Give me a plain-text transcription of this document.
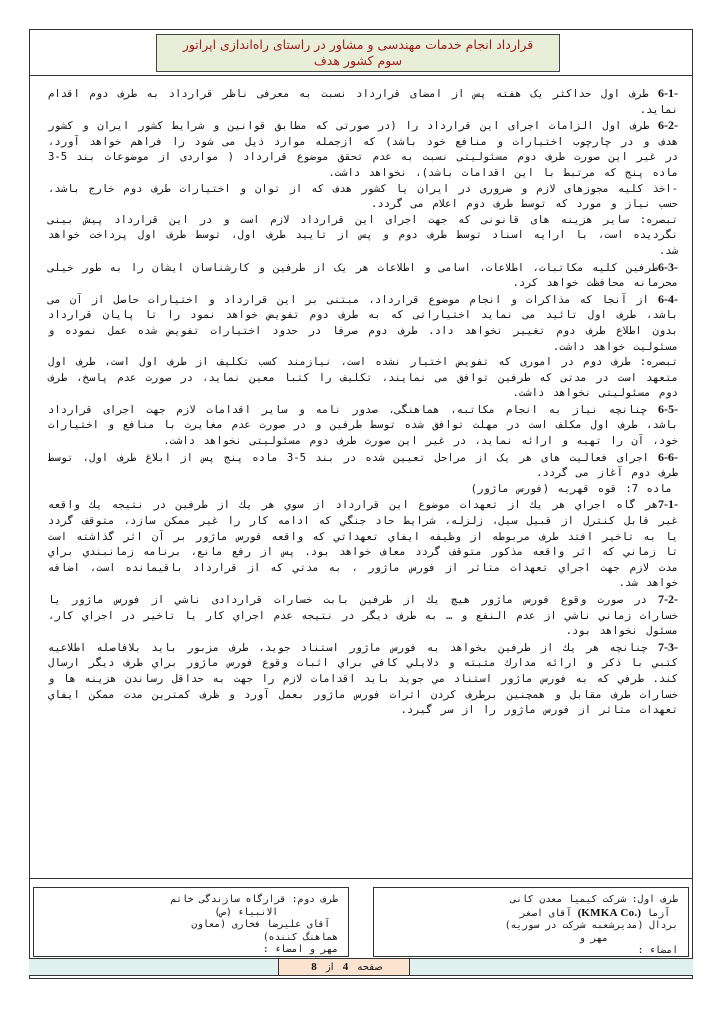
قرارداد انجام خدمات مهندسی و مشاور در راستای راه‌اندازی اپراتور
سوم کشور هدف

6-1- طرف اول حداکثر یک هفته پس از امضای قرارداد نسبت به معرفی ناظر قرارداد به طرف دوم اقدام نماید.

6-2- طرف اول الزامات اجرای این قرارداد را (در صورتی که مطابق قوانین و شرایط کشور ایران و کشور هدف و در چارچوب اختیارات و منافع خود باشد) که ازجمله موارد ذیل می شود را فراهم خواهد آورد، در غیر این صورت طرف دوم مسئولیتی نسبت به عدم تحقق موضوع قرارداد ( مواردی از موضوعات بند 5-3 ماده پنج که مرتبط با این اقدامات باشد)، نخواهد داشت.

-اخذ کلیه مجوزهای لازم و ضروری در ایران یا کشور هدف که از توان و اختیارات طرف دوم خارج باشد، حسب نیاز و مورد که توسط طرف دوم اعلام می گردد.

تبصره: سایر هزینه های قانونی که جهت اجرای این قرارداد لازم است و در این قرارداد پیش بینی نگردیده است، با ارایه اسناد توسط طرف دوم و پس از تایید طرف اول، توسط طرف اول پرداخت خواهد شد.

6-3-طرفین کلیه مکاتبات، اطلاعات، اسامی و اطلاعات هر یک از طرفین و کارشناسان ایشان را به طور خیلی محرمانه محافظت خواهد کرد.

6-4- از آنجا که مذاکرات و انجام موضوع قرارداد، مبتنی بر این قرارداد و اختیارات حاصل از آن می باشد، طرف اول تائید می نماید اختیاراتی که به طرف دوم تفویض خواهد نمود را تا پایان قرارداد بدون اطلاع طرف دوم تغییر نخواهد داد. طرف دوم صرفا در حدود اختیارات تفویض شده عمل نموده و مسئولیت خواهد داشت.

تبصره: طرف دوم در اموری که تفویض اختیار نشده است، نیازمند کسب تکلیف از طرف اول است، طرف اول متعهد است در مدتی که طرفین توافق می نمایند، تکلیف را کتبا معین نماید، در صورت عدم پاسخ، طرف دوم مسئولیتی نخواهد داشت.

6-5- چنانچه نیاز به انجام مکاتبه، هماهنگی، صدور نامه و سایر اقدامات لازم جهت اجرای قرارداد باشد، طرف اول مکلف است در مهلت توافق شده توسط طرفین و در صورت عدم مغایرت با منافع و اختیارات خود، آن را تهیه و ارائه نماید، در غیر این صورت طرف دوم مسئولیتی نخواهد داشت.

6-6- اجرای فعالیت های هر یک از مراحل تعیین شده در بند 5-3 ماده پنج پس از ابلاغ طرف اول، توسط طرف دوم آغاز می گردد.

ماده 7: قوه قهریه (فورس ماژور)

7-1-هر گاه اجراي هر يك از تعهدات موضوع اين قرارداد از سوي هر يك از طرفين در نتيجه يك واقعه غير قابل كنترل از قبيل سيل، زلزله، شرايط حاد جنگي كه ادامه كار را غير ممكن سازد، متوقف گردد يا به تاخير افتد طرف مربوطه از وظيفه ايفاي تعهداتي كه واقعه فورس ماژور بر آن اثر گذاشته است تا زماني كه اثر واقعه مذكور متوقف گردد معاف خواهد بود. پس از رفع مانع، برنامه زمانبندي براي مدت لازم جهت اجراي تعهدات متاثر از فورس ماژور ، به مدتي كه از قرارداد باقيمانده است، اضافه خواهد شد.

7-2- در صورت وقوع فورس ماژور هيچ يك از طرفين بابت خسارات قراردادی ناشي از فورس ماژور يا خسارات زماني ناشي از عدم النفع و … به طرف ديگر در نتيجه عدم اجراي كار يا تاخير در اجراي كار، مسئول نخواهد بود.

7-3- چنانچه هر يك از طرفين بخواهد به فورس ماژور استناد جويد، طرف مزبور بايد بلافاصله اطلاعيه كتبي با ذكر و ارائه مدارك مثبته و دلايلي كافي براي اثبات وقوع فورس ماژور براي طرف ديگر ارسال كند. طرفي كه به فورس ماژور استناد مي جويد بايد اقدامات لازم را جهت به حداقل رساندن هزينه ها و خسارات طرف مقابل و همچنين برطرف كردن اثرات فورس ماژور بعمل آورد و ظرف كمترين مدت ممكن ايفاي تعهدات متاثر از فورس ماژور را از سر گيرد.

طرف اول: شرکت کیمیا معدن کانی
آزما (KMKA Co.) آقای اصغر
بردال (مدیرشعبه شرکت در سوریه)
مهر و
امضاء :
طرف دوم: قرارگاه سازندگی خاتم
الانبیاء (ص)
آقای علیرضا فخاری (معاون
هماهنگ کننده)
مهر و امضاء :
صفحه 4 از 8
